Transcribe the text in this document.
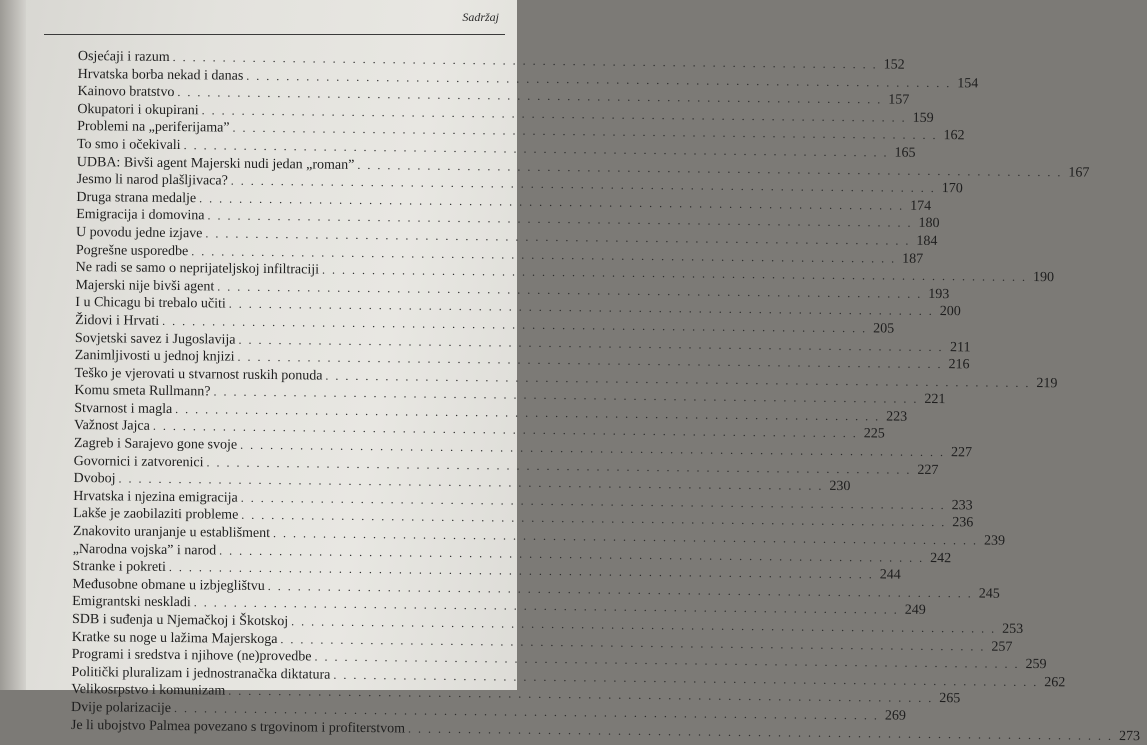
Sadržaj
Osjećaji i razum
. . .
152
Hrvatska borba nekad i danas
. . .
154
Kainovo bratstvo
. . .
157
Okupatori i okupirani
. . .
159
Problemi na „periferijama”
. . .
162
To smo i očekivali
. . .
165
UDBA: Bivši agent Majerski nudi jedan „roman”
. . .
167
Jesmo li narod plašljivaca?
. . .
170
Druga strana medalje
. . .
174
Emigracija i domovina
. . .
180
U povodu jedne izjave
. . .
184
Pogrešne usporedbe
. . .
187
Ne radi se samo o neprijateljskoj infiltraciji
. . .
190
Majerski nije bivši agent
. . .
193
I u Chicagu bi trebalo učiti
. . .
200
Židovi i Hrvati
. . .
205
Sovjetski savez i Jugoslavija
. . .
211
Zanimljivosti u jednoj knjizi
. . .
216
Teško je vjerovati u stvarnost ruskih ponuda
. . .
219
Komu smeta Rullmann?
. . .
221
Stvarnost i magla
. . .
223
Važnost Jajca
. . .
225
Zagreb i Sarajevo gone svoje
. . .
227
Govornici i zatvorenici
. . .
227
Dvoboj
. . .
230
Hrvatska i njezina emigracija
. . .
233
Lakše je zaobilaziti probleme
. . .
236
Znakovito uranjanje u establišment
. . .
239
„Narodna vojska” i narod
. . .
242
Stranke i pokreti
. . .
244
Međusobne obmane u izbjeglištvu
. . .
245
Emigrantski neskladi
. . .
249
SDB i suđenja u Njemačkoj i Škotskoj
. . .
253
Kratke su noge u lažima Majerskoga
. . .
257
Programi i sredstva i njihove (ne)provedbe
. . .
259
Politički pluralizam i jednostranačka diktatura
. . .
262
Velikosrpstvo i komunizam
. . .
265
Dvije polarizacije
. . .
269
Je li ubojstvo Palmea povezano s trgovinom i profiterstvom
. . .
273
